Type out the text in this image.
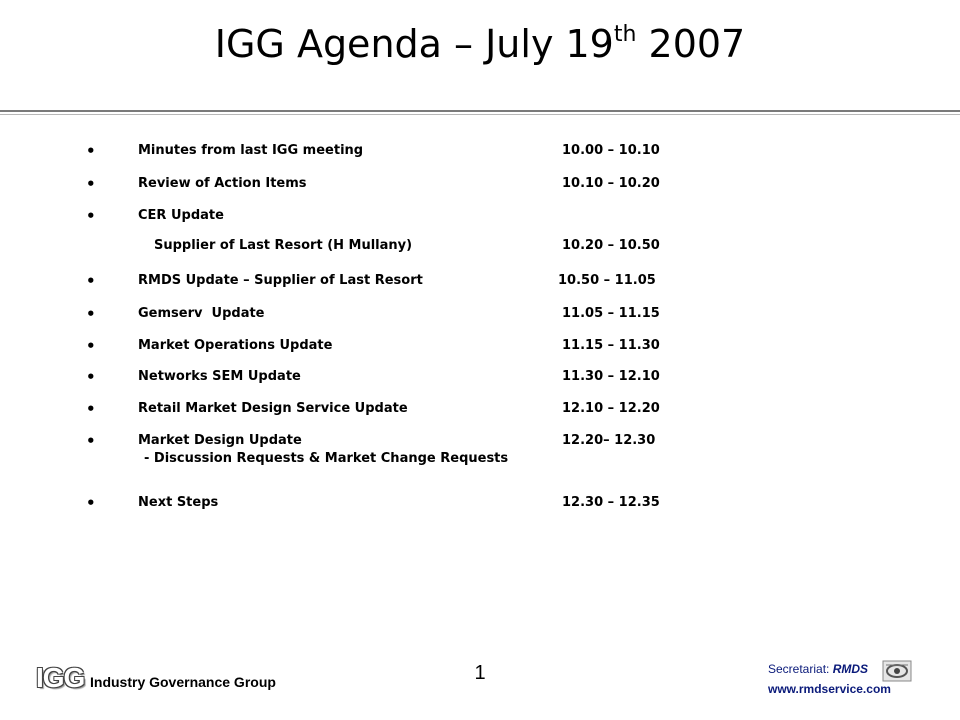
IGG Agenda – July 19th 2007
•	Minutes from last IGG meeting	10.00 – 10.10
•	Review of Action Items	10.10 – 10.20
•	CER Update
Supplier of Last Resort (H Mullany)	10.20 – 10.50
•	RMDS Update – Supplier of Last Resort	10.50 – 11.05
•	Gemserv  Update	11.05 – 11.15
•	Market Operations Update	11.15 – 11.30
•	Networks SEM Update	11.30 – 12.10
•	Retail Market Design Service Update	12.10 – 12.20
•	Market Design Update	12.20– 12.30
- Discussion Requests & Market Change Requests
•	Next Steps	12.30 – 12.35
1
IGG Industry Governance Group
Secretariat: RMDS
www.rmdservice.com
